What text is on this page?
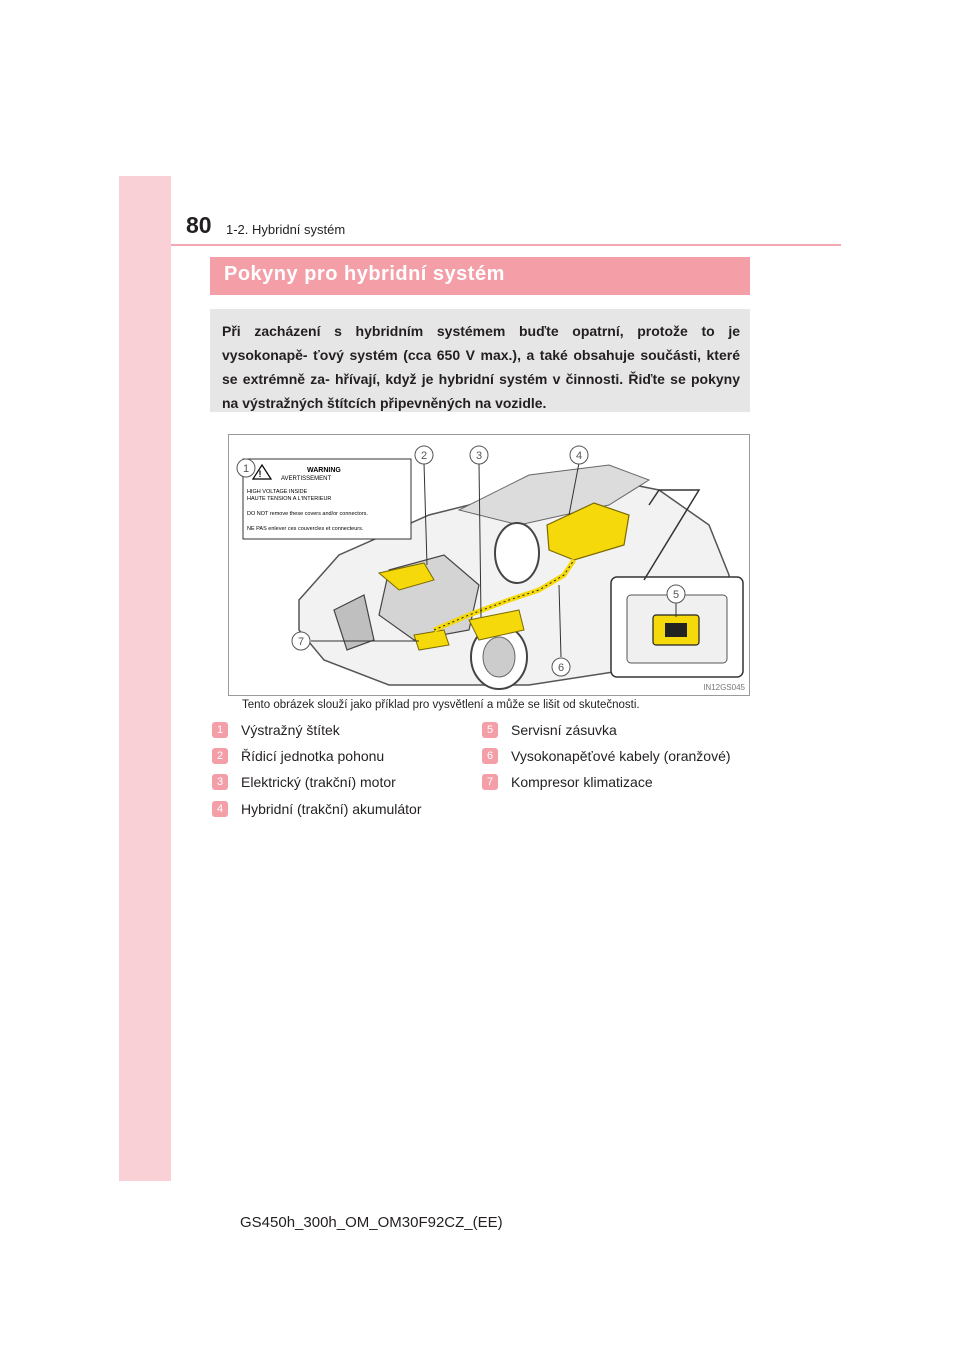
80 1-2. Hybridní systém
Pokyny pro hybridní systém
Při zacházení s hybridním systémem buďte opatrní, protože to je vysokonapě- ťový systém (cca 650 V max.), a také obsahuje součásti, které se extrémně za- hřívají, když je hybridní systém v činnosti. Řiďte se pokyny na výstražných štítcích připevněných na vozidle.
!	WARNING
AVERTISSEMENT
HIGH VOLTAGE INSIDE
HAUTE TENSION A L'INTERIEUR
DO NOT remove these covers and/or connectors.
NE PAS enlever ces couvercles et connecteurs.
1
2	3	4
5
6
7
IN12GS045
Tento obrázek slouží jako příklad pro vysvětlení a může se lišit od skutečnosti.
1	Výstražný štítek
2	Řídicí jednotka pohonu
3	Elektrický (trakční) motor
4	Hybridní (trakční) akumulátor
5	Servisní zásuvka
6	Vysokonapěťové kabely (oranžové)
7	Kompresor klimatizace
GS450h_300h_OM_OM30F92CZ_(EE)
